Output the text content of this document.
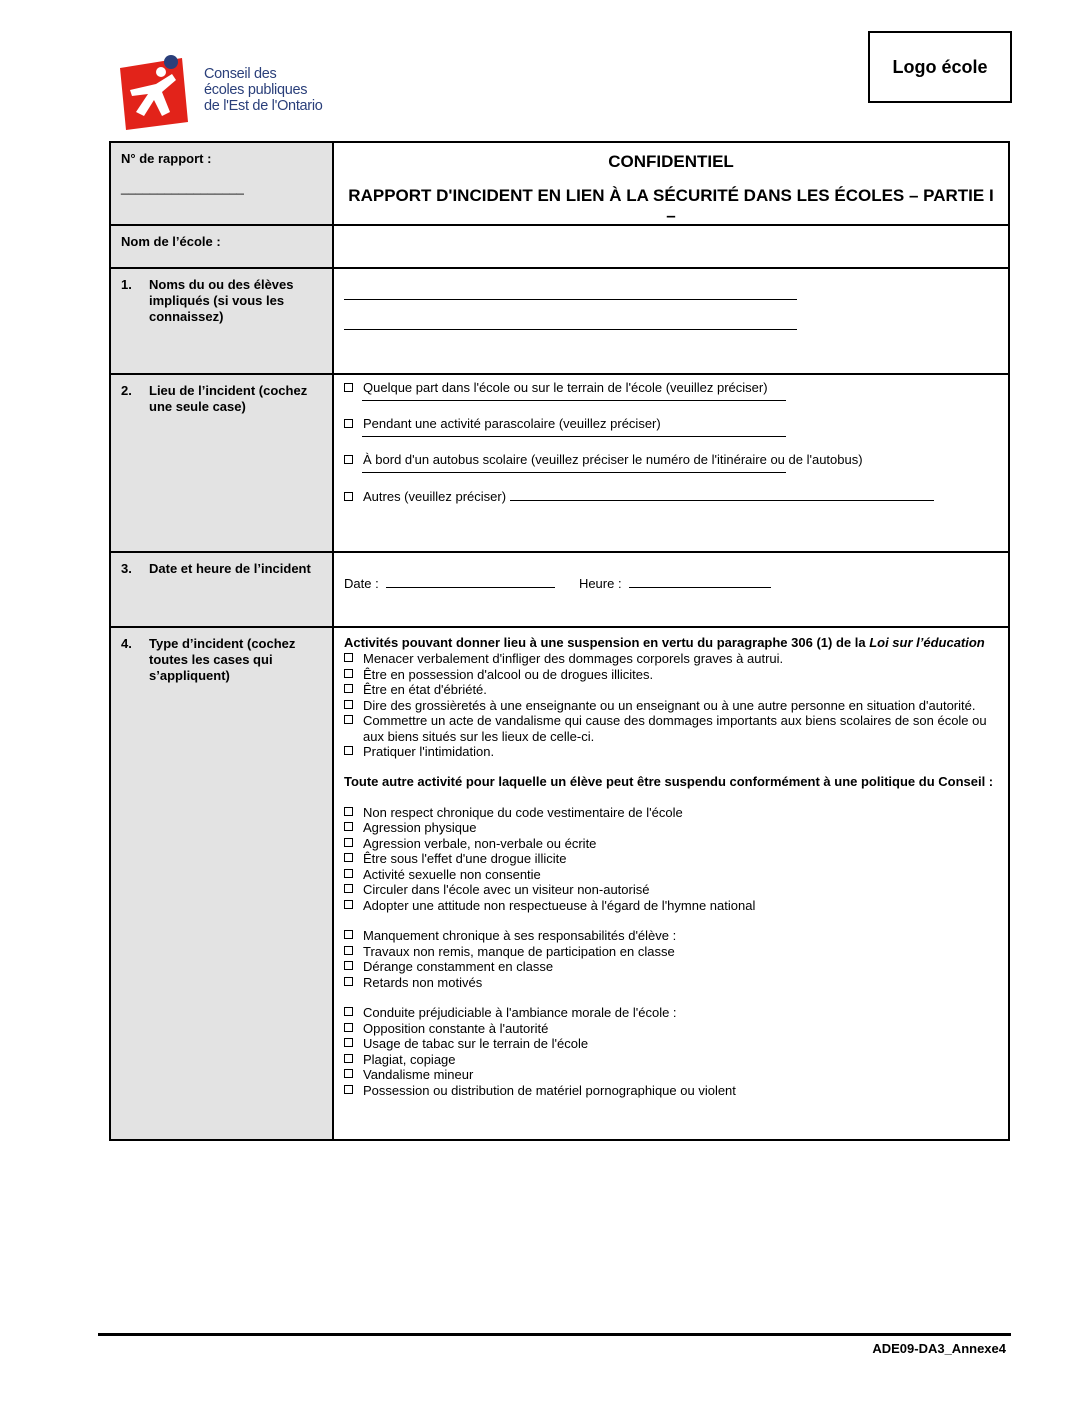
Conseil des
écoles publiques
de l'Est de l'Ontario
Logo école
N° de rapport :
_________________
CONFIDENTIEL
RAPPORT D'INCIDENT EN LIEN À LA SÉCURITÉ DANS LES ÉCOLES – PARTIE I –
Nom de l’école :
1.	Noms du ou des élèves impliqués (si vous les connaissez)
2.	Lieu de l’incident (cochez une seule case)
Quelque part dans l'école ou sur le terrain de l'école (veuillez préciser)
Pendant une activité parascolaire (veuillez préciser)
À bord d'un autobus scolaire (veuillez préciser le numéro de l'itinéraire ou de l'autobus)
Autres (veuillez préciser)
3.	Date et heure de l’incident
Date :	Heure :
4.	Type d’incident (cochez toutes les cases qui s’appliquent)
Activités pouvant donner lieu à une suspension en vertu du paragraphe 306 (1) de la Loi sur l’éducation
Menacer verbalement d'infliger des dommages corporels graves à autrui.
Être en possession d'alcool ou de drogues illicites.
Être en état d'ébriété.
Dire des grossièretés à une enseignante ou un enseignant ou à une autre personne en situation d'autorité.
Commettre un acte de vandalisme qui cause des dommages importants aux biens scolaires de son école ou aux biens situés sur les lieux de celle-ci.
Pratiquer l'intimidation.
Toute autre activité pour laquelle un élève peut être suspendu conformément à une politique du Conseil :
Non respect chronique du code vestimentaire de l'école
Agression physique
Agression verbale, non-verbale ou écrite
Être sous l'effet d'une drogue illicite
Activité sexuelle non consentie
Circuler dans l'école avec un visiteur non-autorisé
Adopter une attitude non respectueuse à l'égard de l'hymne national
Manquement chronique à ses responsabilités d'élève :
Travaux non remis, manque de participation en classe
Dérange constamment en classe
Retards non motivés
Conduite préjudiciable à l'ambiance morale de l'école :
Opposition constante à l'autorité
Usage de tabac sur le terrain de l'école
Plagiat, copiage
Vandalisme mineur
Possession ou distribution de matériel pornographique ou violent
ADE09-DA3_Annexe4
